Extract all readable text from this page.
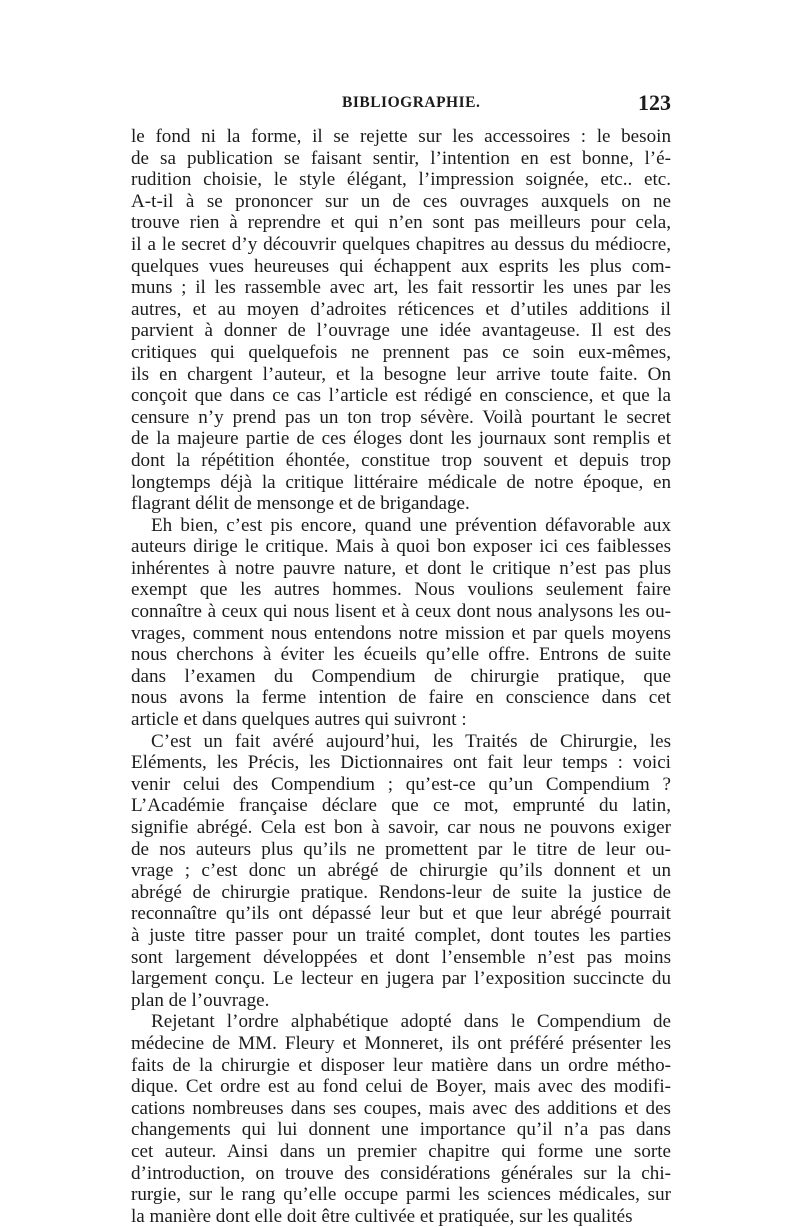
BIBLIOGRAPHIE.	123
le fond ni la forme, il se rejette sur les accessoires : le besoin
de sa publication se faisant sentir, l’intention en est bonne, l’é-
rudition choisie, le style élégant, l’impression soignée, etc.. etc.
A-t-il à se prononcer sur un de ces ouvrages auxquels on ne
trouve rien à reprendre et qui n’en sont pas meilleurs pour cela,
il a le secret d’y découvrir quelques chapitres au dessus du médiocre,
quelques vues heureuses qui échappent aux esprits les plus com-
muns ; il les rassemble avec art, les fait ressortir les unes par les
autres, et au moyen d’adroites réticences et d’utiles additions il
parvient à donner de l’ouvrage une idée avantageuse. Il est des
critiques qui quelquefois ne prennent pas ce soin eux-mêmes,
ils en chargent l’auteur, et la besogne leur arrive toute faite. On
conçoit que dans ce cas l’article est rédigé en conscience, et que la
censure n’y prend pas un ton trop sévère. Voilà pourtant le secret
de la majeure partie de ces éloges dont les journaux sont remplis et
dont la répétition éhontée, constitue trop souvent et depuis trop
longtemps déjà la critique littéraire médicale de notre époque, en
flagrant délit de mensonge et de brigandage.
Eh bien, c’est pis encore, quand une prévention défavorable aux
auteurs dirige le critique. Mais à quoi bon exposer ici ces faiblesses
inhérentes à notre pauvre nature, et dont le critique n’est pas plus
exempt que les autres hommes. Nous voulions seulement faire
connaître à ceux qui nous lisent et à ceux dont nous analysons les ou-
vrages, comment nous entendons notre mission et par quels moyens
nous cherchons à éviter les écueils qu’elle offre. Entrons de suite
dans l’examen du Compendium de chirurgie pratique, que
nous avons la ferme intention de faire en conscience dans cet
article et dans quelques autres qui suivront :
C’est un fait avéré aujourd’hui, les Traités de Chirurgie, les
Eléments, les Précis, les Dictionnaires ont fait leur temps : voici
venir celui des Compendium ; qu’est-ce qu’un Compendium ?
L’Académie française déclare que ce mot, emprunté du latin,
signifie abrégé. Cela est bon à savoir, car nous ne pouvons exiger
de nos auteurs plus qu’ils ne promettent par le titre de leur ou-
vrage ; c’est donc un abrégé de chirurgie qu’ils donnent et un
abrégé de chirurgie pratique. Rendons-leur de suite la justice de
reconnaître qu’ils ont dépassé leur but et que leur abrégé pourrait
à juste titre passer pour un traité complet, dont toutes les parties
sont largement développées et dont l’ensemble n’est pas moins
largement conçu. Le lecteur en jugera par l’exposition succincte du
plan de l’ouvrage.
Rejetant l’ordre alphabétique adopté dans le Compendium de
médecine de MM. Fleury et Monneret, ils ont préféré présenter les
faits de la chirurgie et disposer leur matière dans un ordre métho-
dique. Cet ordre est au fond celui de Boyer, mais avec des modifi-
cations nombreuses dans ses coupes, mais avec des additions et des
changements qui lui donnent une importance qu’il n’a pas dans
cet auteur. Ainsi dans un premier chapitre qui forme une sorte
d’introduction, on trouve des considérations générales sur la chi-
rurgie, sur le rang qu’elle occupe parmi les sciences médicales, sur
la manière dont elle doit être cultivée et pratiquée, sur les qualités
